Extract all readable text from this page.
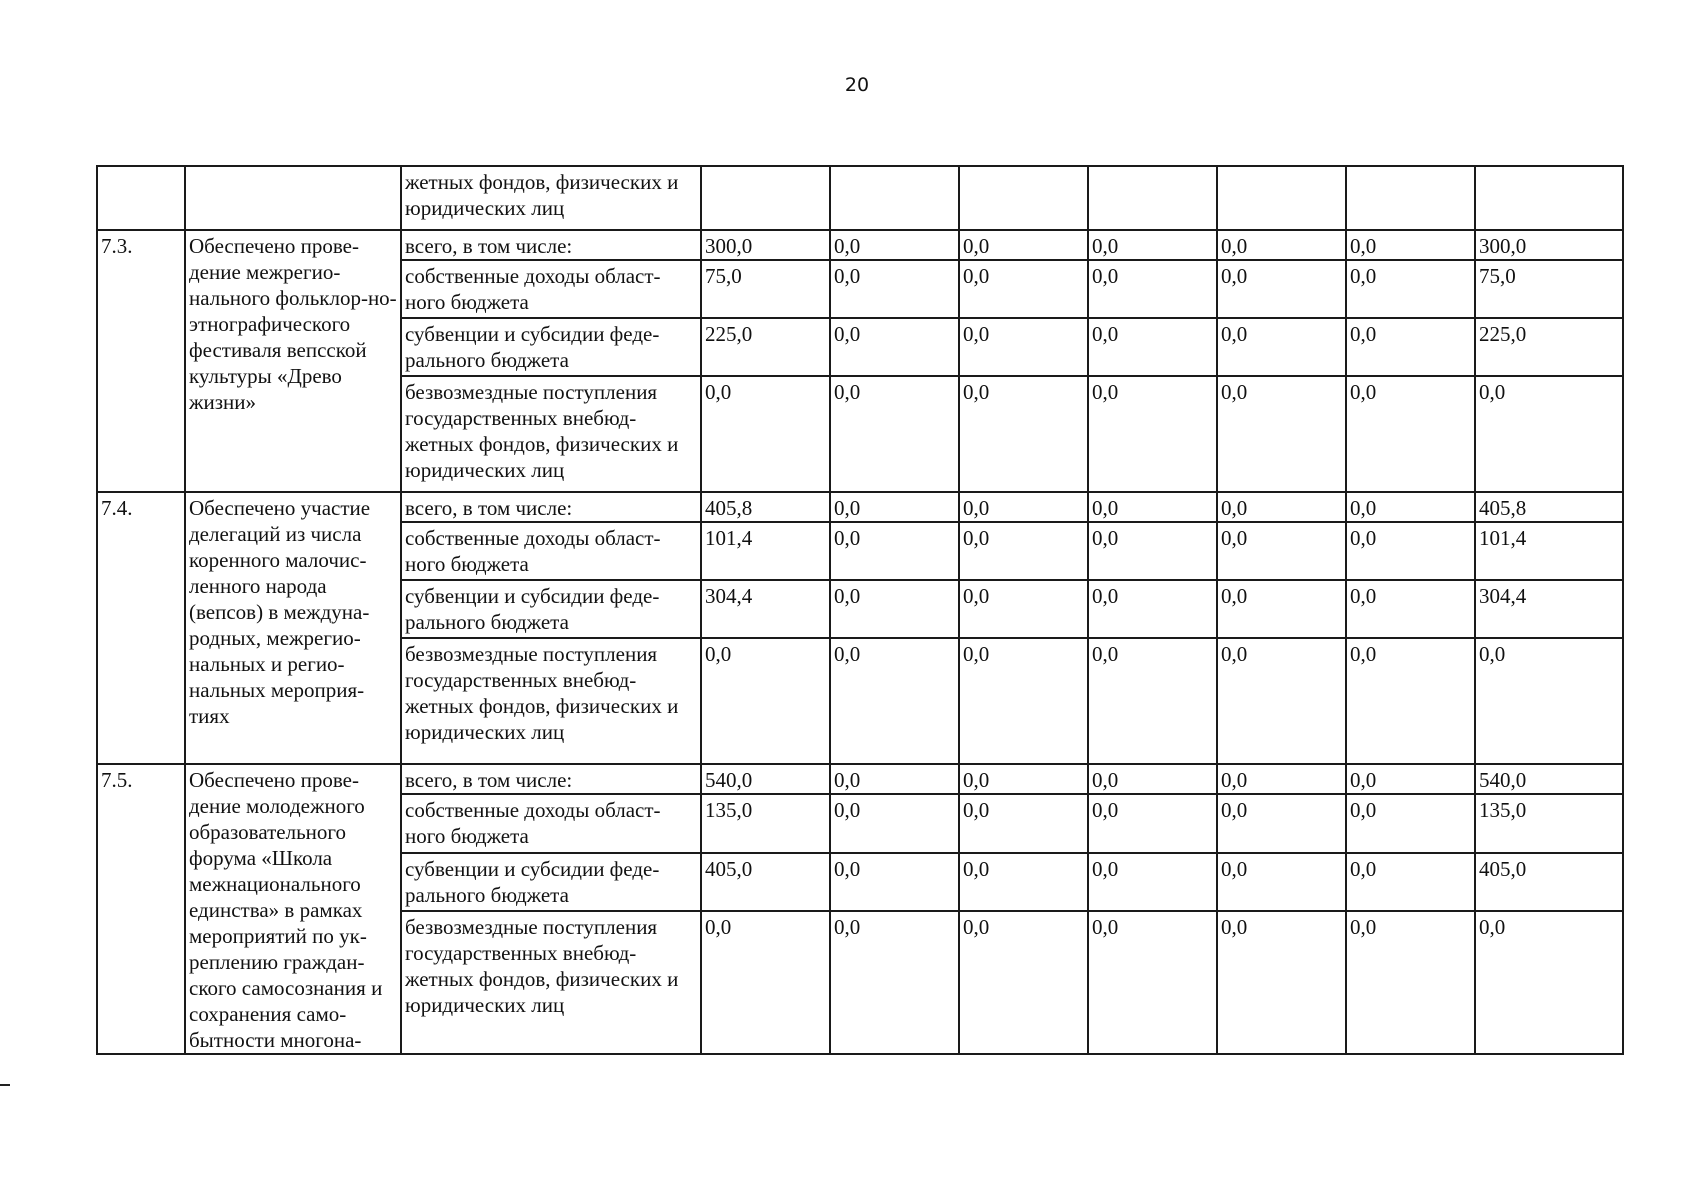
20
		жетных фондов, физических и юридических лиц							
7.3.	Обеспечено прове-дение межрегио-нального фольклор-но-этнографического фестиваля вепсской культуры «Древо жизни»	всего, в том числе:	300,0	0,0	0,0	0,0	0,0	0,0	300,0
		собственные доходы област-ного бюджета	75,0	0,0	0,0	0,0	0,0	0,0	75,0
		субвенции и субсидии феде-рального бюджета	225,0	0,0	0,0	0,0	0,0	0,0	225,0
		безвозмездные поступления государственных внебюд-жетных фондов, физических и юридических лиц	0,0	0,0	0,0	0,0	0,0	0,0	0,0
7.4.	Обеспечено участие делегаций из числа коренного малочис-ленного народа (вепсов) в междуна-родных, межрегио-нальных и регио-нальных мероприя-тиях	всего, в том числе:	405,8	0,0	0,0	0,0	0,0	0,0	405,8
		собственные доходы област-ного бюджета	101,4	0,0	0,0	0,0	0,0	0,0	101,4
		субвенции и субсидии феде-рального бюджета	304,4	0,0	0,0	0,0	0,0	0,0	304,4
		безвозмездные поступления государственных внебюд-жетных фондов, физических и юридических лиц	0,0	0,0	0,0	0,0	0,0	0,0	0,0
7.5.	Обеспечено прове-дение молодежного образовательного форума «Школа межнационального единства» в рамках мероприятий по ук-реплению граждан-ского самосознания и сохранения само-бытности многона-	всего, в том числе:	540,0	0,0	0,0	0,0	0,0	0,0	540,0
		собственные доходы област-ного бюджета	135,0	0,0	0,0	0,0	0,0	0,0	135,0
		субвенции и субсидии феде-рального бюджета	405,0	0,0	0,0	0,0	0,0	0,0	405,0
		безвозмездные поступления государственных внебюд-жетных фондов, физических и юридических лиц	0,0	0,0	0,0	0,0	0,0	0,0	0,0
